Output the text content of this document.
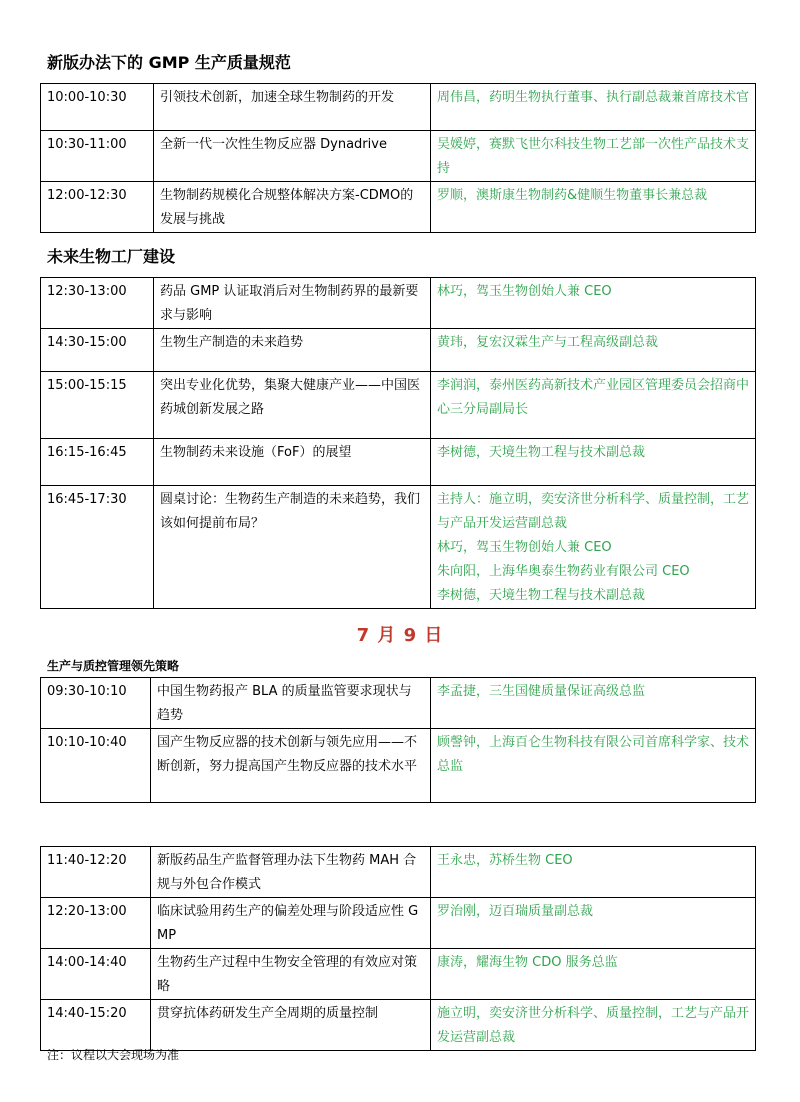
新版办法下的 GMP 生产质量规范
10:00-10:30	引领技术创新，加速全球生物制药的开发	周伟昌，药明生物执行董事、执行副总裁兼首席技术官
10:30-11:00	全新一代一次性生物反应器 Dynadrive	吴媛婷，赛默飞世尔科技生物工艺部一次性产品技术支持
12:00-12:30	生物制药规模化合规整体解决方案-CDMO的发展与挑战	罗顺，澳斯康生物制药&健顺生物董事长兼总裁
未来生物工厂建设
12:30-13:00	药品 GMP 认证取消后对生物制药界的最新要求与影响	林巧，驾玉生物创始人兼 CEO
14:30-15:00	生物生产制造的未来趋势	黄玮，复宏汉霖生产与工程高级副总裁
15:00-15:15	突出专业化优势，集聚大健康产业——中国医药城创新发展之路	李润润，泰州医药高新技术产业园区管理委员会招商中心三分局副局长
16:15-16:45	生物制药未来设施（FoF）的展望	李树德，天境生物工程与技术副总裁
16:45-17:30	圆桌讨论：生物药生产制造的未来趋势，我们该如何提前布局？	主持人：施立明，奕安济世分析科学、质量控制，工艺与产品开发运营副总裁
林巧，驾玉生物创始人兼 CEO
朱向阳，上海华奥泰生物药业有限公司 CEO
李树德，天境生物工程与技术副总裁
7 月 9 日
生产与质控管理领先策略
09:30-10:10	中国生物药报产 BLA 的质量监管要求现状与趋势	李孟捷，三生国健质量保证高级总监
10:10-10:40	国产生物反应器的技术创新与领先应用——不断创新，努力提高国产生物反应器的技术水平	顾謦钟，上海百仑生物科技有限公司首席科学家、技术总监
11:40-12:20	新版药品生产监督管理办法下生物药 MAH 合规与外包合作模式	王永忠，苏桥生物 CEO
12:20-13:00	临床试验用药生产的偏差处理与阶段适应性 GMP	罗治刚，迈百瑞质量副总裁
14:00-14:40	生物药生产过程中生物安全管理的有效应对策略	康涛，耀海生物 CDO 服务总监
14:40-15:20	贯穿抗体药研发生产全周期的质量控制	施立明，奕安济世分析科学、质量控制，工艺与产品开发运营副总裁
注：议程以大会现场为准
